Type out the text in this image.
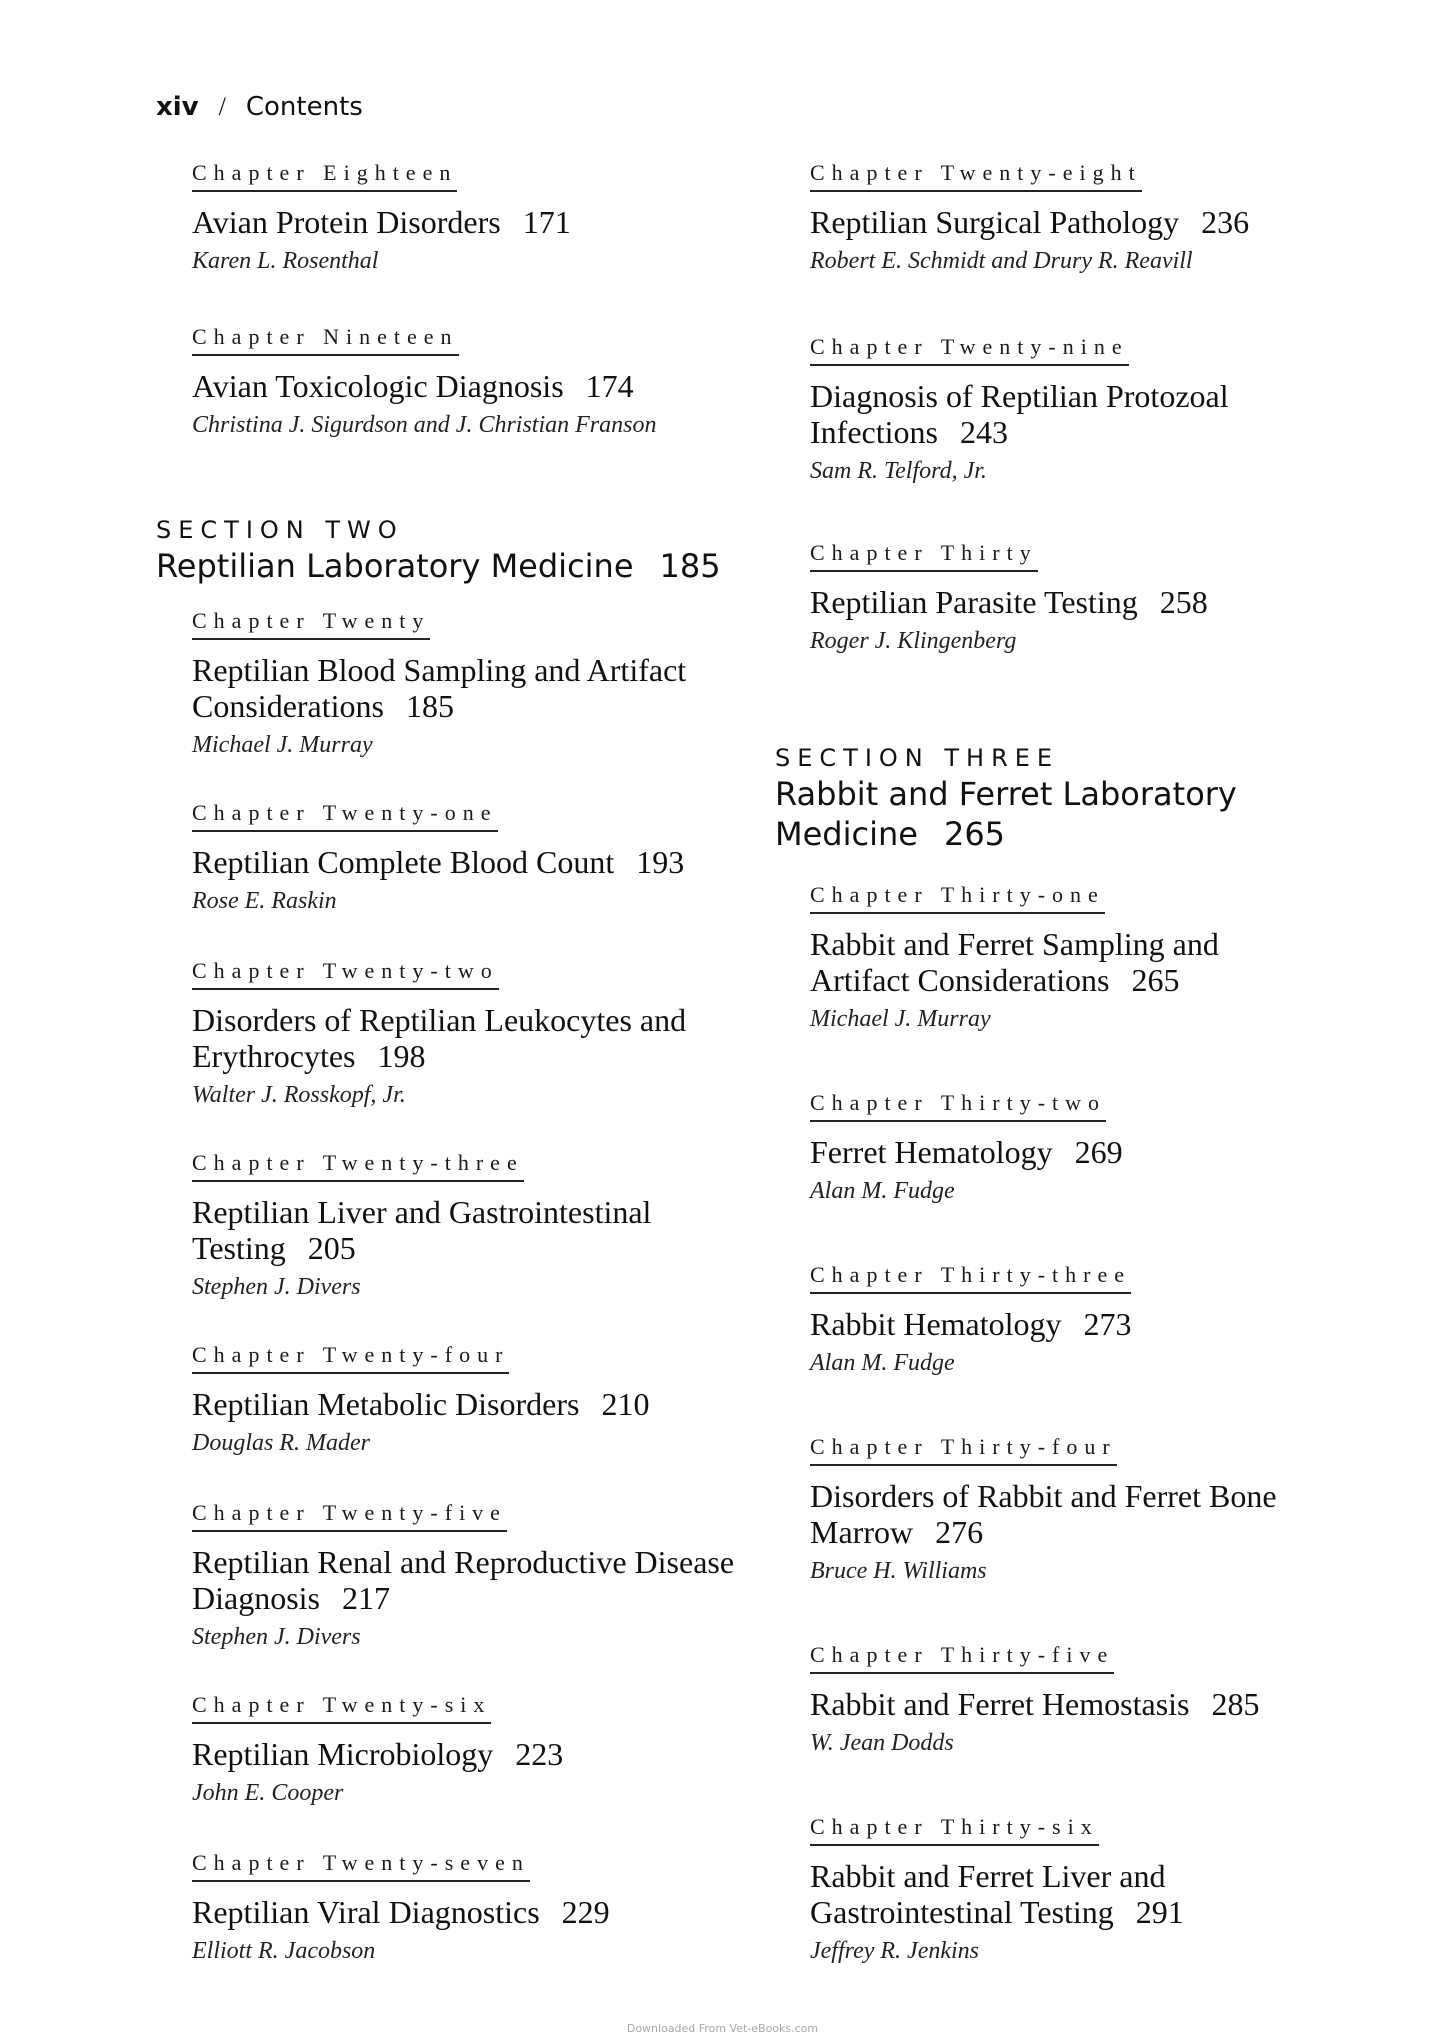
xiv / Contents
Chapter Eighteen
Avian Protein Disorders 171
Karen L. Rosenthal
Chapter Nineteen
Avian Toxicologic Diagnosis 174
Christina J. Sigurdson and J. Christian Franson
SECTION TWO
Reptilian Laboratory Medicine 185
Chapter Twenty
Reptilian Blood Sampling and Artifact Considerations 185
Michael J. Murray
Chapter Twenty-one
Reptilian Complete Blood Count 193
Rose E. Raskin
Chapter Twenty-two
Disorders of Reptilian Leukocytes and Erythrocytes 198
Walter J. Rosskopf, Jr.
Chapter Twenty-three
Reptilian Liver and Gastrointestinal Testing 205
Stephen J. Divers
Chapter Twenty-four
Reptilian Metabolic Disorders 210
Douglas R. Mader
Chapter Twenty-five
Reptilian Renal and Reproductive Disease Diagnosis 217
Stephen J. Divers
Chapter Twenty-six
Reptilian Microbiology 223
John E. Cooper
Chapter Twenty-seven
Reptilian Viral Diagnostics 229
Elliott R. Jacobson
Chapter Twenty-eight
Reptilian Surgical Pathology 236
Robert E. Schmidt and Drury R. Reavill
Chapter Twenty-nine
Diagnosis of Reptilian Protozoal Infections 243
Sam R. Telford, Jr.
Chapter Thirty
Reptilian Parasite Testing 258
Roger J. Klingenberg
SECTION THREE
Rabbit and Ferret Laboratory Medicine 265
Chapter Thirty-one
Rabbit and Ferret Sampling and Artifact Considerations 265
Michael J. Murray
Chapter Thirty-two
Ferret Hematology 269
Alan M. Fudge
Chapter Thirty-three
Rabbit Hematology 273
Alan M. Fudge
Chapter Thirty-four
Disorders of Rabbit and Ferret Bone Marrow 276
Bruce H. Williams
Chapter Thirty-five
Rabbit and Ferret Hemostasis 285
W. Jean Dodds
Chapter Thirty-six
Rabbit and Ferret Liver and Gastrointestinal Testing 291
Jeffrey R. Jenkins
Downloaded From Vet-eBooks.com
